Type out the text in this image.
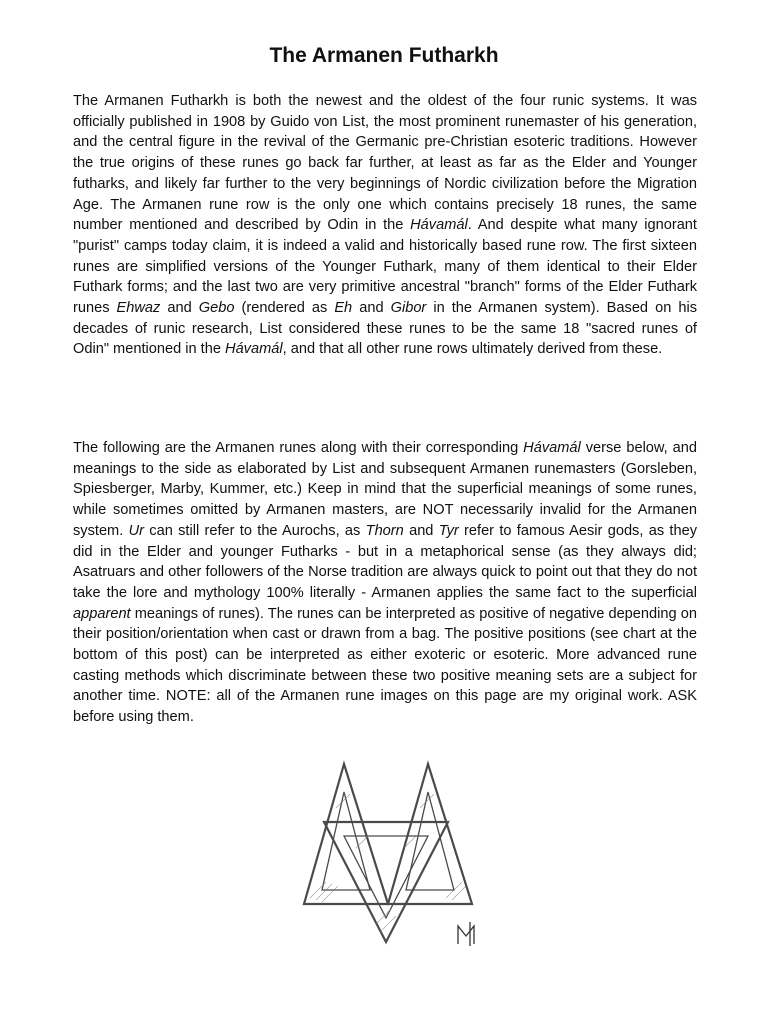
The Armanen Futharkh

The Armanen Futharkh is both the newest and the oldest of the four runic systems. It was officially published in 1908 by Guido von List, the most prominent runemaster of his generation, and the central figure in the revival of the Germanic pre-Christian esoteric traditions. However the true origins of these runes go back far further, at least as far as the Elder and Younger futharks, and likely far further to the very beginnings of Nordic civilization before the Migration Age. The Armanen rune row is the only one which contains precisely 18 runes, the same number mentioned and described by Odin in the Hávamál. And despite what many ignorant "purist" camps today claim, it is indeed a valid and historically based rune row. The first sixteen runes are simplified versions of the Younger Futhark, many of them identical to their Elder Futhark forms; and the last two are very primitive ancestral "branch" forms of the Elder Futhark runes Ehwaz and Gebo (rendered as Eh and Gibor in the Armanen system). Based on his decades of runic research, List considered these runes to be the same 18 "sacred runes of Odin" mentioned in the Hávamál, and that all other rune rows ultimately derived from these.

The following are the Armanen runes along with their corresponding Hávamál verse below, and meanings to the side as elaborated by List and subsequent Armanen runemasters (Gorsleben, Spiesberger, Marby, Kummer, etc.) Keep in mind that the superficial meanings of some runes, while sometimes omitted by Armanen masters, are NOT necessarily invalid for the Armanen system. Ur can still refer to the Aurochs, as Thorn and Tyr refer to famous Aesir gods, as they did in the Elder and younger Futharks - but in a metaphorical sense (as they always did; Asatruars and other followers of the Norse tradition are always quick to point out that they do not take the lore and mythology 100% literally - Armanen applies the same fact to the superficial apparent meanings of runes). The runes can be interpreted as positive of negative depending on their position/orientation when cast or drawn from a bag. The positive positions (see chart at the bottom of this post) can be interpreted as either exoteric or esoteric. More advanced rune casting methods which discriminate between these two positive meaning sets are a subject for another time. NOTE: all of the Armanen rune images on this page are my original work. ASK before using them.
